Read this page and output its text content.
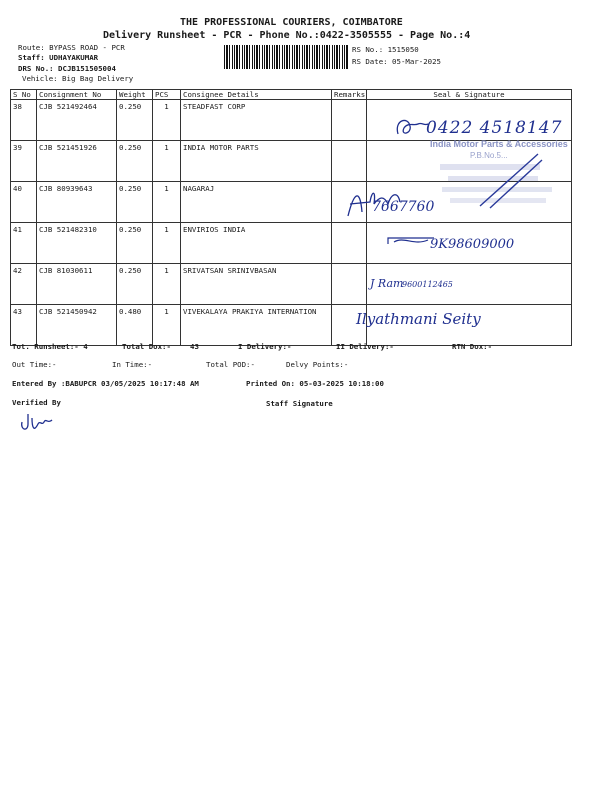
THE PROFESSIONAL COURIERS, COIMBATORE
Delivery Runsheet - PCR - Phone No.:0422-3505555 - Page No.:4
Route: BYPASS ROAD - PCR
Staff: UDHAYAKUMAR
DRS No.: DCJB151505004
Vehicle: Big Bag Delivery
RS No.: 1515050
RS Date: 05-Mar-2025
S No	Consignment No	Weight	PCS	Consignee Details	Remarks	Seal & Signature
38	CJB 521492464	0.250	1	STEADFAST CORP		
39	CJB 521451926	0.250	1	INDIA MOTOR PARTS		
40	CJB 80939643	0.250	1	NAGARAJ		
41	CJB 521482310	0.250	1	ENVIRIOS INDIA		
42	CJB 81030611	0.250	1	SRIVATSAN SRINIVBASAN		
43	CJB 521450942	0.480	1	VIVEKALAYA PRAKIYA INTERNATION		
0422 4518147
India Motor Parts & Accessories
P.B.No.5...
7667760
9K98609000
J Ram
9600112465
Ilyathmani Seity
Tot. Runsheet:- 4	Total Dox:-	43	I Delivery:-	II Delivery:-	RTN Dox:-
Out Time:-	In Time:-	Total POD:-	Delvy Points:-
Entered By :BABUPCR 03/05/2025 10:17:48 AM	Printed On: 05-03-2025 10:18:00
Verified By	Staff Signature
